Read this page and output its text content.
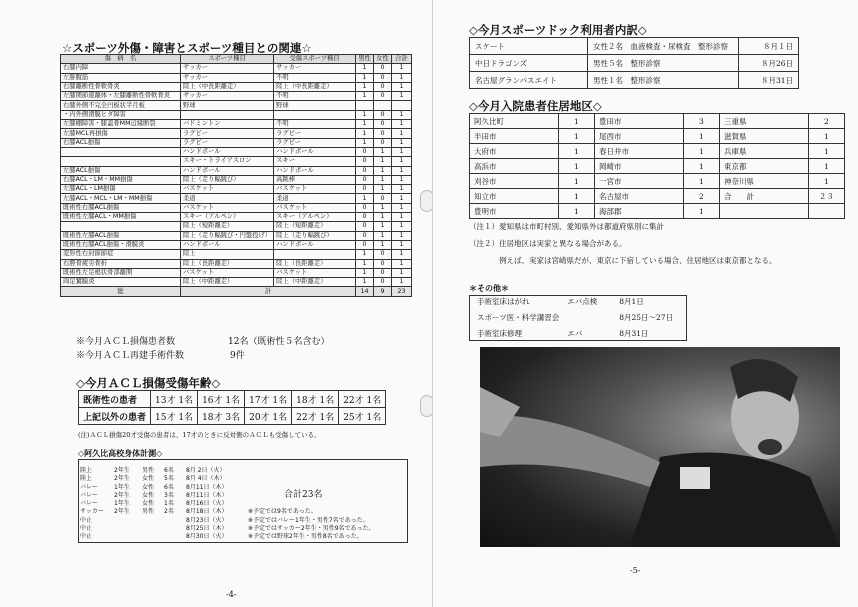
☆スポーツ外傷・障害とスポーツ種目との関連☆
傷　病　名	スポーツ種目	受傷スポーツ種目	男性	女性	合計
右膝内障	サッカー	サッカー	1	0	1
左腓腹筋	サッカー	不明	1	0	1
右膝離断性骨軟骨炎	陸上（中長距離走）	陸上（中長距離走）	1	0	1
左膝関節遊離体・左膝離断性骨軟骨炎	サッカー	不明	1	0	1
右膝外側不完全円板状半月板	野球	野球			
・内外側滑膜ヒダ障害			1	0	1
左膝棚障害・膝蓋骨MM辺縁断裂	バドミントン	不明	1	0	1
左膝MCL再損傷	ラグビー	ラグビー	1	0	1
右膝ACL損傷	ラグビー	ラグビー	1	0	1
	ハンドボール	ハンドボール	0	1	1
	スキー・トライアスロン	スキー	0	1	1
左膝ACL損傷	ハンドボール	ハンドボール	0	1	1
右膝ACL・LM・MM損傷	陸上（走り幅跳び）	高跳棒	0	1	1
左膝ACL・LM損傷	バスケット	バスケット	0	1	1
左膝ACL・MCL・LM・MM損傷	柔道	柔道	1	0	1
既術性右膝ACL損傷	バスケット	バスケット	0	1	1
既術性左膝ACL・MM損傷	スキー（アルペン）	スキー（アルペン）	0	1	1
	陸上（短距離走）	陸上（短距離走）	0	1	1
既術性左膝ACL損傷	陸上（走り幅跳び・円盤投げ）	陸上（走り幅跳び）	0	1	1
既術性右膝ACL損傷・滑膜炎	ハンドボール	ハンドボール	0	1	1
変形性右封節節症	陸上		1	0	1
右脛骨疲労骨折	陸上（長距離走）	陸上（長距離走）	1	0	1
既術性左足根状骨部離開	バスケット	バスケット	1	0	1
両足鵞膜炎	陸上（中距離走）	陸上（中距離走）	1	0	1
総	計		14	9	23
※今月ＡＣＬ損傷患者数	12名（既術性５名含む）
※今月ＡＣＬ再建手術件数	9件
◇今月ＡＣＬ損傷受傷年齢◇
既術性の患者	13才 1名	16才 1名	17才 1名	18才 1名	22才 1名
上記以外の患者	15才 1名	18才 3名	20才 1名	22才 1名	25才 1名
(注)ＡＣＬ損傷20才受傷の患者は、17才のときに反対側のＡＣＬも受傷している。
◇阿久比高校身体計測◇
陸上	2年生 男性 6名 8月 2日（火）
陸上	2年生 女性 5名 8月 4日（木）
バレー	1年生 女性 6名 8月11日（木）
バレー	2年生 女性 3名 8月11日（木）
バレー	1年生 女性 1名 8月16日（火）
サッカー 2年生 男性 2名 8月18日（木）	※予定では9名であった。
中止	8月23日（火）	※予定ではバレー1年生・男性7名であった。
中止	8月25日（木）	※予定ではサッカー2年生・男性9名であった。
中止	8月30日（火）	※予定では野球2年生・男性8名であった。
合計23名
-4-
◇今月スポーツドック利用者内訳◇
スケート	女性２名　血液検査・尿検査　整形診察	８月１日
中日ドラゴンズ	男性５名　整形診察	８月26日
名古屋グランパスエイト	男性１名　整形診察	８月31日
◇今月入院患者住居地区◇
阿久比町	1	豊田市	3	三重県	2
半田市	1	尾西市	1	滋賀県	1
大府市	1	春日井市	1	兵庫県	1
高浜市	1	岡崎市	1	東京都	1
刈谷市	1	一宮市	1	神奈川県	1
知立市	1	名古屋市	2	合　　計	２３
豊明市	1	海部郡	1		
（注１）愛知県は市町村別、愛知県外は都道府県別に集計
（注２）住居地区は実家と異なる場合がある。
例えば、実家は宮崎県だが、東京に下宿している場合、住居地区は東京都となる。
＊その他＊
手術室床はがれ	エバ点検	8月1日
スポーツ医・科学講習会		8月25日〜27日
手術室床修理	エバ	8月31日
-5-
